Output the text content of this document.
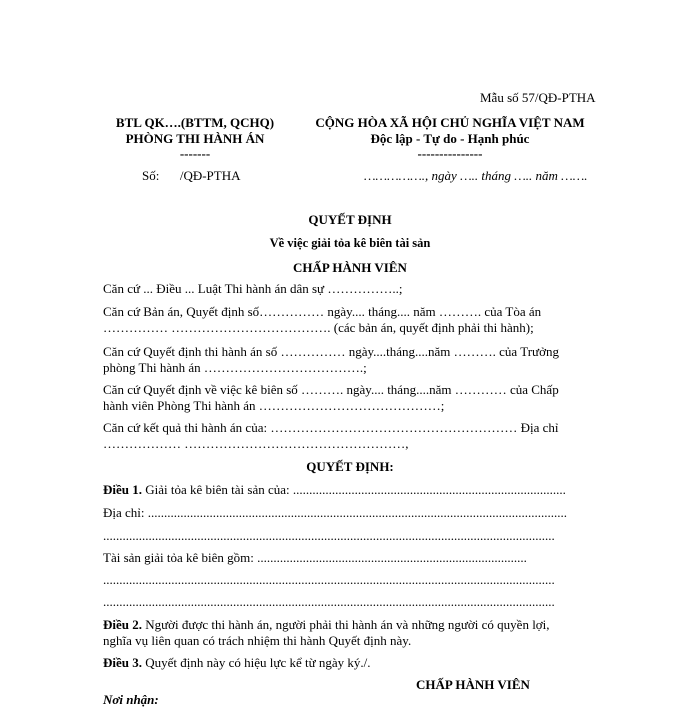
Mẫu số 57/QĐ-PTHA
BTL QK….(BTTM, QCHQ)
PHÒNG THI HÀNH ÁN
-------
Số: /QĐ-PTHA
CỘNG HÒA XÃ HỘI CHỦ NGHĨA VIỆT NAM
Độc lập - Tự do - Hạnh phúc
---------------
……………., ngày ….. tháng ….. năm …….
QUYẾT ĐỊNH
Về việc giải tỏa kê biên tài sản
CHẤP HÀNH VIÊN
Căn cứ ... Điều ... Luật Thi hành án dân sự ……………..;
Căn cứ Bản án, Quyết định số…………… ngày.... tháng.... năm ………. của Tòa án
…………… ………………………………. (các bản án, quyết định phải thi hành);
Căn cứ Quyết định thi hành án số …………… ngày....tháng....năm ………. của Trưởng
phòng Thi hành án ……………………………….;
Căn cứ Quyết định về việc kê biên số ………. ngày.... tháng....năm ………… của Chấp
hành viên Phòng Thi hành án ……………………………………;
Căn cứ kết quả thi hành án của: ………………………………………………… Địa chỉ
……………… ……………………………………………,
QUYẾT ĐỊNH:
Điều 1. Giải tỏa kê biên tài sản của: ....................................................................................
Địa chỉ: .................................................................................................................................
...........................................................................................................................................
Tài sản giải tỏa kê biên gồm: ...................................................................................
...........................................................................................................................................
...........................................................................................................................................
Điều 2. Người được thi hành án, người phải thi hành án và những người có quyền lợi,
nghĩa vụ liên quan có trách nhiệm thi hành Quyết định này.
Điều 3. Quyết định này có hiệu lực kể từ ngày ký./.
CHẤP HÀNH VIÊN
Nơi nhận:
